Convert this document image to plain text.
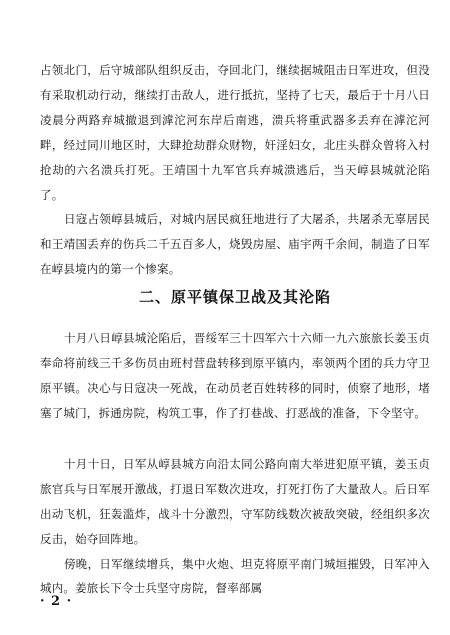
占领北门，后守城部队组织反击，夺回北门，继续据城阻击日军进攻，但没有采取机动行动，继续打击敌人，进行抵抗，坚持了七天，最后于十月八日凌晨分两路弃城撤退到滹沱河东岸后南逃，溃兵将重武器多丢弃在滹沱河畔，经过同川地区时，大肆抢劫群众财物，奸淫妇女，北庄头群众曾将入村抢劫的六名溃兵打死。王靖国十九军官兵弃城溃逃后，当天崞县城就沦陷了。

日寇占领崞县城后，对城内居民疯狂地进行了大屠杀，共屠杀无辜居民和王靖国丢弃的伤兵二千五百多人，烧毁房屋、庙宇两千余间，制造了日军在崞县境内的第一个惨案。

二、原平镇保卫战及其沦陷

十月八日崞县城沦陷后，晋绥军三十四军六十六师一九六旅旅长姜玉贞奉命将前线三千多伤员由班村营盘转移到原平镇内，率领两个团的兵力守卫原平镇。决心与日寇决一死战，在动员老百姓转移的同时，侦察了地形，堵塞了城门，拆通房院，构筑工事，作了打巷战、打恶战的准备，下令坚守。

十月十日，日军从崞县城方向沿太同公路向南大举进犯原平镇，姜玉贞旅官兵与日军展开激战，打退日军数次进攻，打死打伤了大量敌人。后日军出动飞机，狂轰滥炸，战斗十分激烈，守军防线数次被敌突破，经组织多次反击，始夺回阵地。

傍晚，日军继续增兵，集中火炮、坦克将原平南门城垣摧毁，日军冲入城内。姜旅长下令士兵坚守房院，督率部属

· 2 ·
